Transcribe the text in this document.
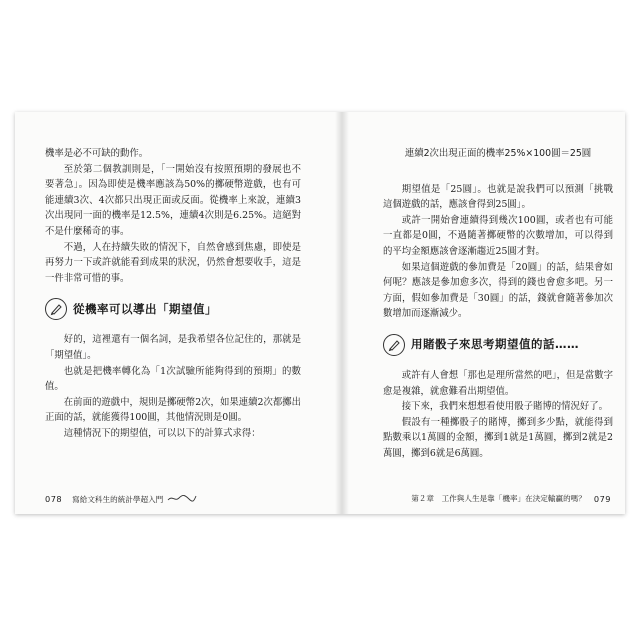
機率是必不可缺的動作。

至於第二個教訓則是，「一開始沒有按照預期的發展也不要著急」。因為即使是機率應該為50%的擲硬幣遊戲，也有可能連續3次、4次都只出現正面或反面。從機率上來說，連續3次出現同一面的機率是12.5%，連續4次則是6.25%。這絕對不是什麼稀奇的事。

不過，人在持續失敗的情況下，自然會感到焦慮，即使是再努力一下或許就能看到成果的狀況，仍然會想要收手，這是一件非常可惜的事。

從機率可以導出「期望值」

好的，這裡還有一個名詞，是我希望各位記住的，那就是「期望值」。

也就是把機率轉化為「1次試驗所能夠得到的預期」的數值。

在前面的遊戲中，規則是擲硬幣2次，如果連續2次都擲出正面的話，就能獲得100圓，其他情況則是0圓。

這種情況下的期望值，可以以下的計算式求得：

078 寫給文科生的統計學超入門
連續2次出現正面的機率25%×100圓＝25圓

期望值是「25圓」。也就是說我們可以預測「挑戰這個遊戲的話，應該會得到25圓」。

或許一開始會連續得到幾次100圓，或者也有可能一直都是0圓，不過隨著擲硬幣的次數增加，可以得到的平均金額應該會逐漸趨近25圓才對。

如果這個遊戲的參加費是「20圓」的話，結果會如何呢？應該是參加愈多次，得到的錢也會愈多吧。另一方面，假如參加費是「30圓」的話，錢就會隨著參加次數增加而逐漸減少。

用賭骰子來思考期望值的話……

或許有人會想「那也是理所當然的吧」，但是當數字愈是複雜，就愈難看出期望值。

接下來，我們來想想看使用骰子賭博的情況好了。

假設有一種擲骰子的賭博，擲到多少點，就能得到點數乘以1萬圓的金額，擲到1就是1萬圓，擲到2就是2萬圓，擲到6就是6萬圓。

第２章　工作與人生是靠「機率」在決定輸贏的嗎？ 079
